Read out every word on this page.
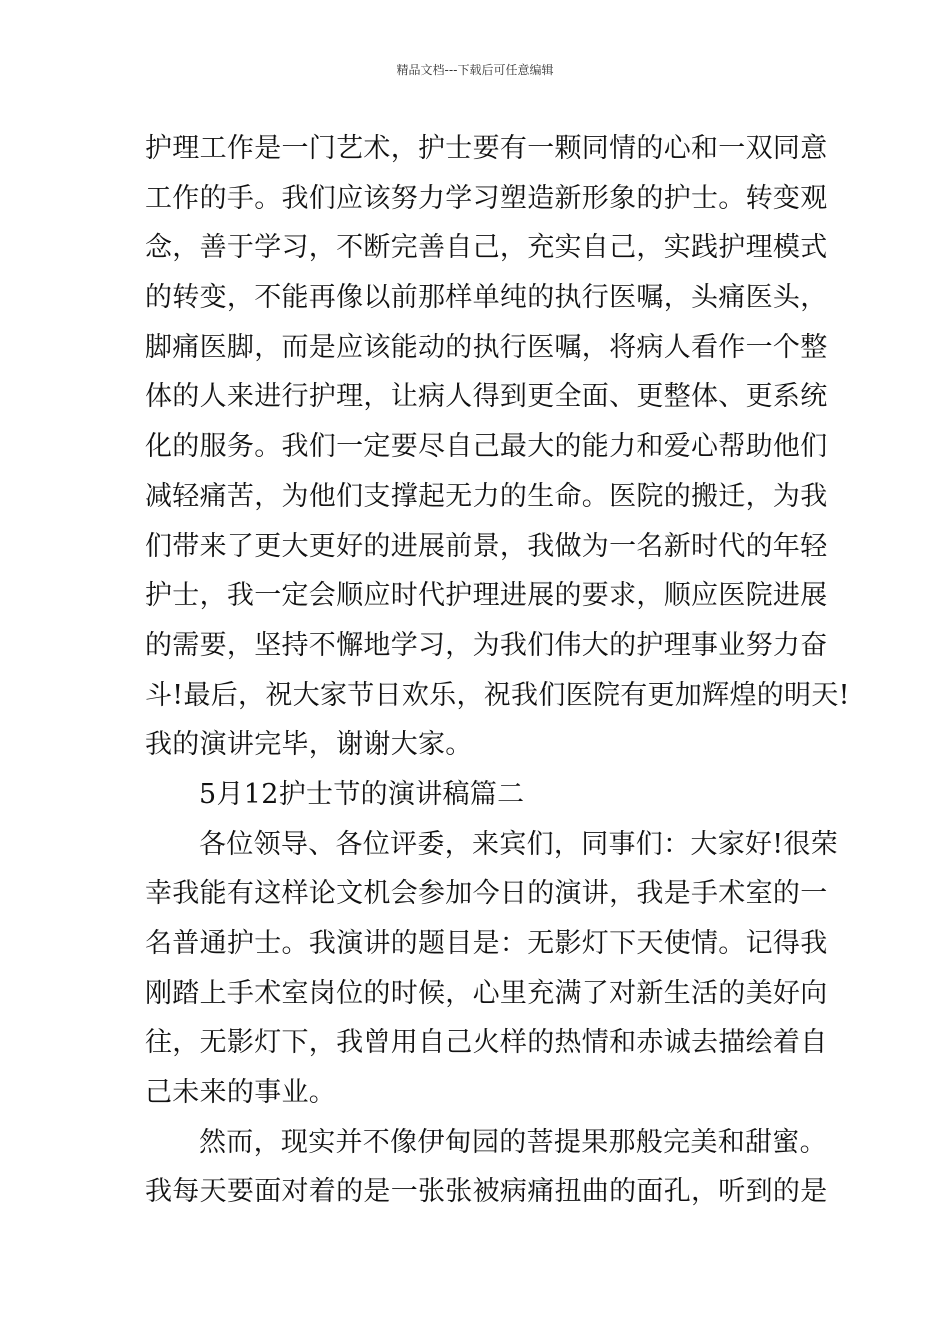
精品文档---下载后可任意编辑
护理工作是一门艺术，护士要有一颗同情的心和一双同意
工作的手。我们应该努力学习塑造新形象的护士。转变观
念，善于学习，不断完善自己，充实自己，实践护理模式
的转变，不能再像以前那样单纯的执行医嘱，头痛医头，
脚痛医脚，而是应该能动的执行医嘱，将病人看作一个整
体的人来进行护理，让病人得到更全面、更整体、更系统
化的服务。我们一定要尽自己最大的能力和爱心帮助他们
减轻痛苦，为他们支撑起无力的生命。医院的搬迁，为我
们带来了更大更好的进展前景，我做为一名新时代的年轻
护士，我一定会顺应时代护理进展的要求，顺应医院进展
的需要，坚持不懈地学习，为我们伟大的护理事业努力奋
斗!最后，祝大家节日欢乐，祝我们医院有更加辉煌的明天!
我的演讲完毕，谢谢大家。
5月12护士节的演讲稿篇二
各位领导、各位评委，来宾们，同事们：大家好!很荣
幸我能有这样论文机会参加今日的演讲，我是手术室的一
名普通护士。我演讲的题目是：无影灯下天使情。记得我
刚踏上手术室岗位的时候，心里充满了对新生活的美好向
往，无影灯下，我曾用自己火样的热情和赤诚去描绘着自
己未来的事业。
然而，现实并不像伊甸园的菩提果那般完美和甜蜜。
我每天要面对着的是一张张被病痛扭曲的面孔，听到的是
